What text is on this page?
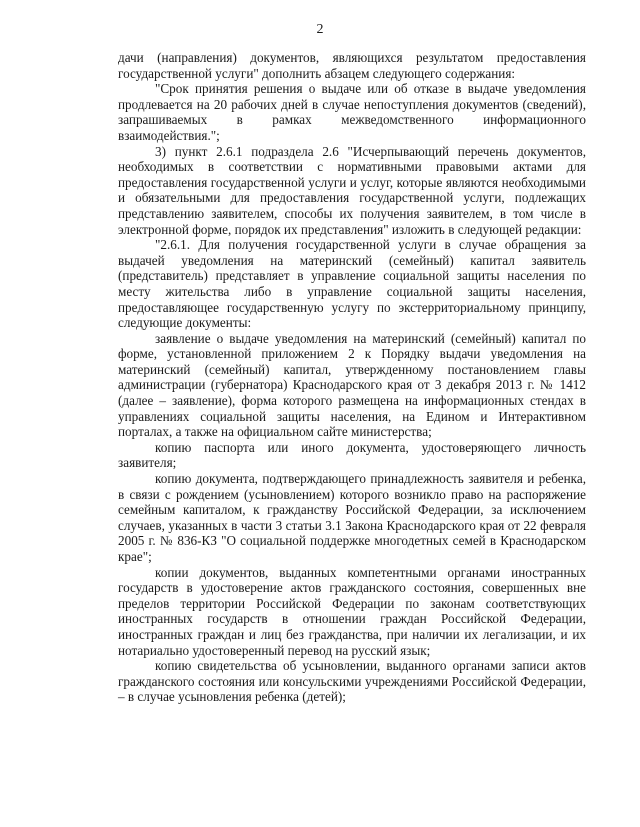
2

дачи (направления) документов, являющихся результатом предоставления государственной услуги" дополнить абзацем следующего содержания:

"Срок принятия решения о выдаче или об отказе в выдаче уведомления продлевается на 20 рабочих дней в случае непоступления документов (сведений), запрашиваемых в рамках межведомственного информационного взаимодействия.";

3) пункт 2.6.1 подраздела 2.6 "Исчерпывающий перечень документов, необходимых в соответствии с нормативными правовыми актами для предоставления государственной услуги и услуг, которые являются необходимыми и обязательными для предоставления государственной услуги, подлежащих представлению заявителем, способы их получения заявителем, в том числе в электронной форме, порядок их представления" изложить в следующей редакции:

"2.6.1. Для получения государственной услуги в случае обращения за выдачей уведомления на материнский (семейный) капитал заявитель (представитель) представляет в управление социальной защиты населения по месту жительства либо в управление социальной защиты населения, предоставляющее государственную услугу по экстерриториальному принципу, следующие документы:

заявление о выдаче уведомления на материнский (семейный) капитал по форме, установленной приложением 2 к Порядку выдачи уведомления на материнский (семейный) капитал, утвержденному постановлением главы администрации (губернатора) Краснодарского края от 3 декабря 2013 г. № 1412 (далее – заявление), форма которого размещена на информационных стендах в управлениях социальной защиты населения, на Едином и Интерактивном порталах, а также на официальном сайте министерства;

копию паспорта или иного документа, удостоверяющего личность заявителя;

копию документа, подтверждающего принадлежность заявителя и ребенка, в связи с рождением (усыновлением) которого возникло право на распоряжение семейным капиталом, к гражданству Российской Федерации, за исключением случаев, указанных в части 3 статьи 3.1 Закона Краснодарского края от 22 февраля 2005 г. № 836-КЗ "О социальной поддержке многодетных семей в Краснодарском крае";

копии документов, выданных компетентными органами иностранных государств в удостоверение актов гражданского состояния, совершенных вне пределов территории Российской Федерации по законам соответствующих иностранных государств в отношении граждан Российской Федерации, иностранных граждан и лиц без гражданства, при наличии их легализации, и их нотариально удостоверенный перевод на русский язык;

копию свидетельства об усыновлении, выданного органами записи актов гражданского состояния или консульскими учреждениями Российской Федерации, – в случае усыновления ребенка (детей);
